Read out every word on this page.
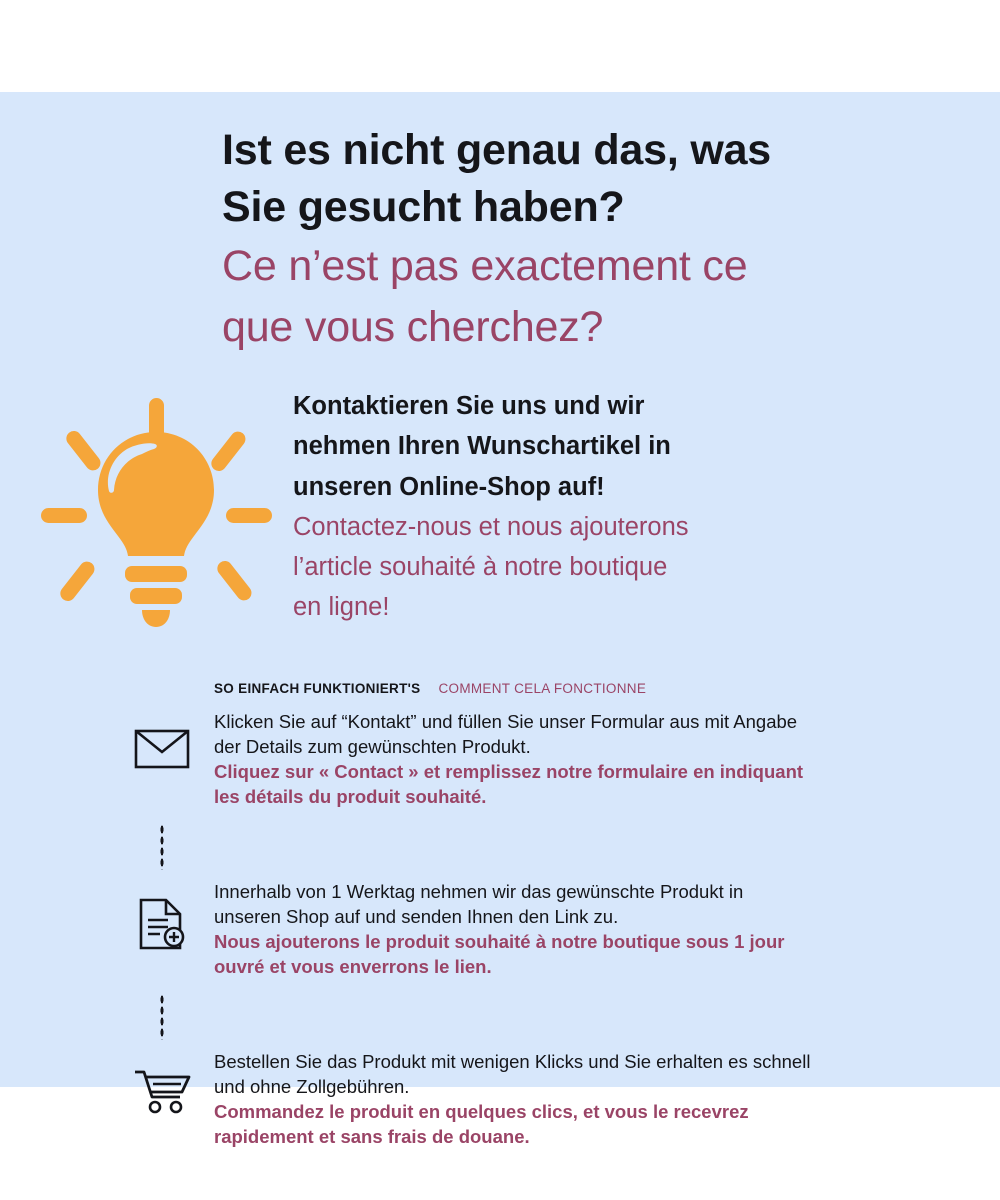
Ist es nicht genau das, was

Sie gesucht haben?

Ce n’est pas exactement ce

que vous cherchez?

Kontaktieren Sie uns und wir

nehmen Ihren Wunschartikel in

unseren Online-Shop auf!

Contactez-nous et nous ajouterons

l’article souhaité à notre boutique

en ligne!

SO EINFACH FUNKTIONIERT'S COMMENT CELA FONCTIONNE

Klicken Sie auf “Kontakt” und füllen Sie unser Formular aus mit Angabe

der Details zum gewünschten Produkt.

Cliquez sur « Contact » et remplissez notre formulaire en indiquant

les détails du produit souhaité.

Innerhalb von 1 Werktag nehmen wir das gewünschte Produkt in

unseren Shop auf und senden Ihnen den Link zu.

Nous ajouterons le produit souhaité à notre boutique sous 1 jour

ouvré et vous enverrons le lien.

Bestellen Sie das Produkt mit wenigen Klicks und Sie erhalten es schnell

und ohne Zollgebühren.

Commandez le produit en quelques clics, et vous le recevrez

rapidement et sans frais de douane.
